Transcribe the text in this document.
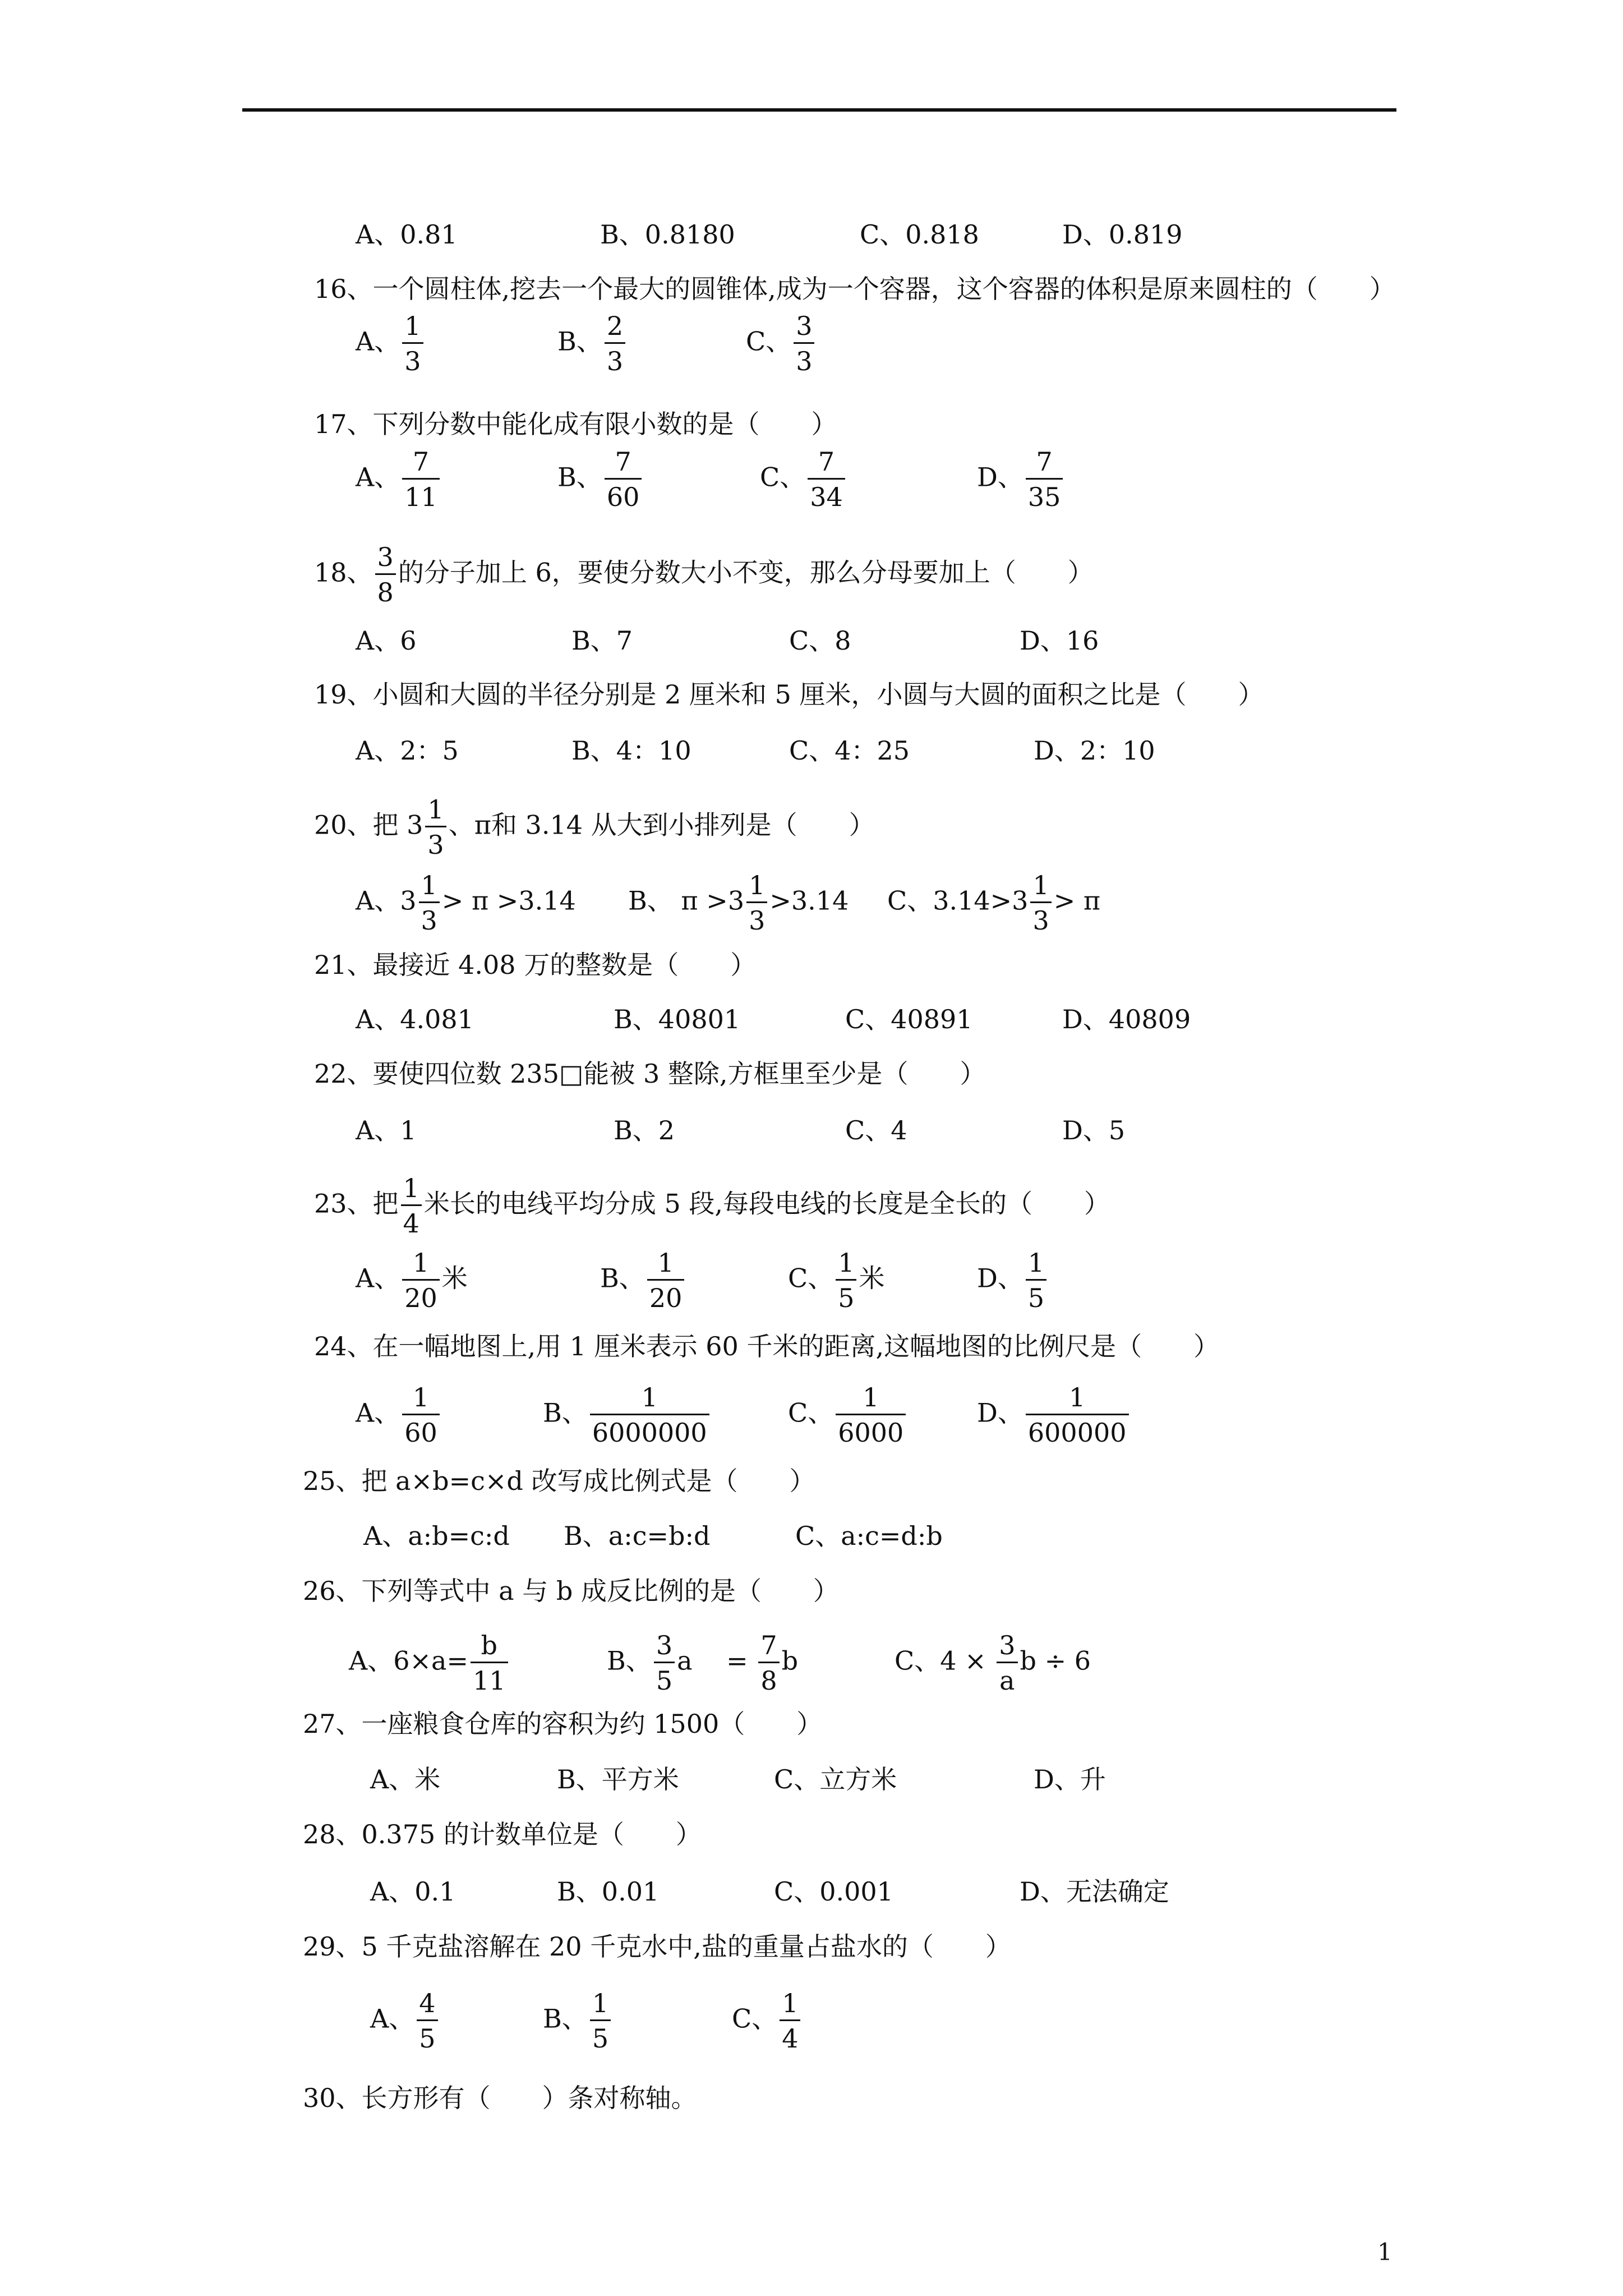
A、0.81	B、0.8180	C、0.818	D、0.819
16、一个圆柱体,挖去一个最大的圆锥体,成为一个容器，这个容器的体积是原来圆柱的（　　）
A、 $\frac{1}{3}$	B、 $\frac{2}{3}$	C、 $\frac{3}{3}$
17、下列分数中能化成有限小数的是（　　）
A、 $\frac{7}{11}$	B、 $\frac{7}{60}$	C、 $\frac{7}{34}$	D、 $\frac{7}{35}$
18、 $\frac{3}{8}$ 的分子加上 6，要使分数大小不变，那么分母要加上（　　）
A、6	B、7	C、8	D、16
19、小圆和大圆的半径分别是 2 厘米和 5 厘米，小圆与大圆的面积之比是（　　）
A、2：5	B、4：10	C、4：25	D、2：10
20、把 $3 \frac{1}{3}$ 、π和 3.14 从大到小排列是（　　）
A、$3 \frac{1}{3} > \pi >3.14$ B、 $\pi >3 \frac{1}{3} >3.14$ C、$3.14>3 \frac{1}{3} > \pi$
21、最接近 4.08 万的整数是（　　）
A、4.081	B、40801	C、40891	D、40809
22、要使四位数 235□能被 3 整除,方框里至少是（　　）
A、1	B、2	C、4	D、5
23、把 $\frac{1}{4}$ 米长的电线平均分成 5 段,每段电线的长度是全长的（　　）
A、 $\frac{1}{20}$ 米	B、 $\frac{1}{20}$	C、 $\frac{1}{5}$ 米	D、 $\frac{1}{5}$
24、在一幅地图上,用 1 厘米表示 60 千米的距离,这幅地图的比例尺是（　　）
A、 $\frac{1}{60}$	B、 $\frac{1}{6000000}$	C、 $\frac{1}{6000}$	D、 $\frac{1}{600000}$
25、把 a×b=c×d 改写成比例式是（　　）
A、a:b=c:d B、a:c=b:d	C、a:c=d:b
26、下列等式中 a 与 b 成反比例的是（　　）
A、$6\times a= \frac{b}{11}$	B、 $\frac{3}{5}$ a　 = $\frac{7}{8}$ b	C、$4 \times \frac{3}{a}$ b ÷ 6
27、一座粮食仓库的容积为约 1500（　　）
A、米	B、平方米	C、立方米	D、升
28、0.375 的计数单位是（　　）
A、0.1	B、0.01	C、0.001	D、无法确定
29、5 千克盐溶解在 20 千克水中,盐的重量占盐水的（　　）
A、 $\frac{4}{5}$	B、 $\frac{1}{5}$	C、 $\frac{1}{4}$
30、长方形有（　　）条对称轴。
1
